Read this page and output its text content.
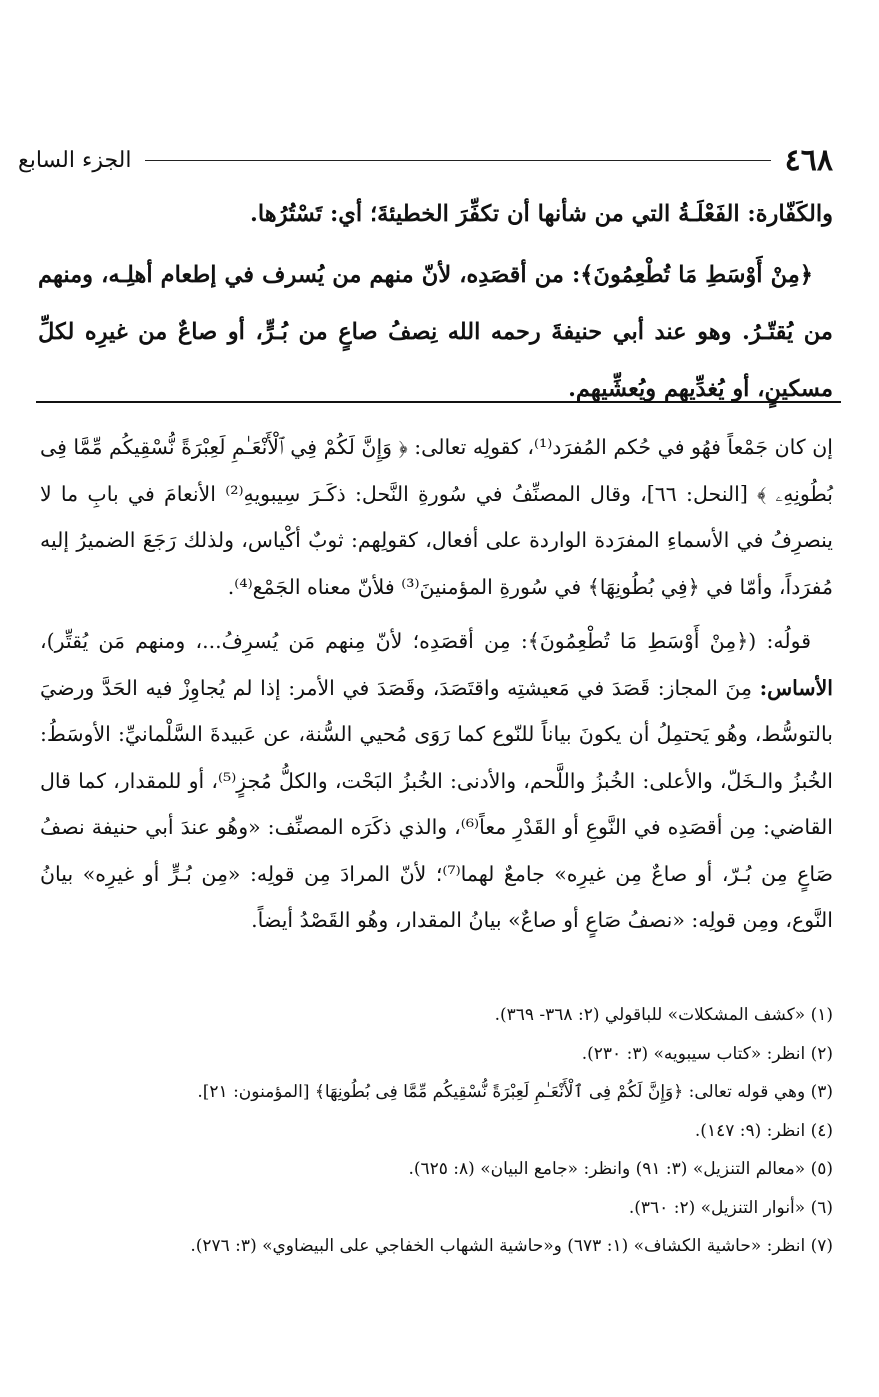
٤٦٨
الجزء السابع

والكَفّارة: الفَعْلَـةُ التي من شأنها أن تكفِّرَ الخطيئةَ؛ أي: تَسْتُرُها.

﴿مِنْ أَوْسَطِ مَا تُطْعِمُونَ﴾: من أقصَدِه، لأنّ منهم من يُسرف في إطعام أهلِـه، ومنهم من يُقتّـرُ. وهو عند أبي حنيفةَ رحمه الله نِصفُ صاعٍ من بُـرٍّ، أو صاعٌ من غيرِه لكلِّ مسكينٍ، أو يُغدِّيهم ويُعشِّيهم.

إن كان جَمْعاً فهُو في حُكم المُفرَد⁽¹⁾، كقولِه تعالى: ﴿ وَإِنَّ لَكُمْ فِي ٱلْأَنْعَـٰمِ لَعِبْرَةً نُّسْقِيكُم مِّمَّا فِى بُطُونِهِۦ ﴾ [النحل: ٦٦]، وقال المصنِّفُ في سُورةِ النَّحل: ذكَـرَ سِيبويهِ⁽²⁾ الأنعامَ في بابِ ما لا ينصرِفُ في الأسماءِ المفرَدة الواردة على أفعال، كقولِهم: ثوبٌ أكْياس، ولذلك رَجَعَ الضميرُ إليه مُفرَداً، وأمّا في ﴿فِي بُطُونِهَا﴾ في سُورةِ المؤمنينَ⁽³⁾ فلأنّ معناه الجَمْع⁽⁴⁾.

قولُه: (﴿مِنْ أَوْسَطِ مَا تُطْعِمُونَ﴾: مِن أقصَدِه؛ لأنّ مِنهم مَن يُسرِفُ...، ومنهم مَن يُقتِّر)، الأساس: مِنَ المجاز: قَصَدَ في مَعيشتِه واقتَصَدَ، وقَصَدَ في الأمر: إذا لم يُجاوِزْ فيه الحَدَّ ورضيَ بالتوسُّط، وهُو يَحتمِلُ أن يكونَ بياناً للنّوع كما رَوَى مُحيي السُّنة، عن عَبيدةَ السَّلْمانيِّ: الأوسَطُ: الخُبزُ والـخَلّ، والأعلى: الخُبزُ واللَّحم، والأدنى: الخُبزُ البَحْت، والكلُّ مُجزٍ⁽⁵⁾، أو للمقدار، كما قال القاضي: مِن أقصَدِه في النَّوعِ أو القَدْرِ معاً⁽⁶⁾، والذي ذكَرَه المصنِّف: «وهُو عندَ أبي حنيفة نصفُ صَاعٍ مِن بُـرّ، أو صاعٌ مِن غيرِه» جامعٌ لهما⁽⁷⁾؛ لأنّ المرادَ مِن قولِه: «مِن بُـرٍّ أو غيرِه» بيانُ النَّوع، ومِن قولِه: «نصفُ صَاعٍ أو صاعٌ» بيانُ المقدار، وهُو القَصْدُ أيضاً.

(١) «كشف المشكلات» للباقولي (٢: ٣٦٨- ٣٦٩).

(٢) انظر: «كتاب سيبويه» (٣: ٢٣٠).

(٣) وهي قوله تعالى: ﴿وَإِنَّ لَكُمْ فِى ٱلْأَنْعَـٰمِ لَعِبْرَةً نُّسْقِيكُم مِّمَّا فِى بُطُونِهَا﴾ [المؤمنون: ٢١].

(٤) انظر: (٩: ١٤٧).

(٥) «معالم التنزيل» (٣: ٩١) وانظر: «جامع البيان» (٨: ٦٢٥).

(٦) «أنوار التنزيل» (٢: ٣٦٠).

(٧) انظر: «حاشية الكشاف» (١: ٦٧٣) و«حاشية الشهاب الخفاجي على البيضاوي» (٣: ٢٧٦).
